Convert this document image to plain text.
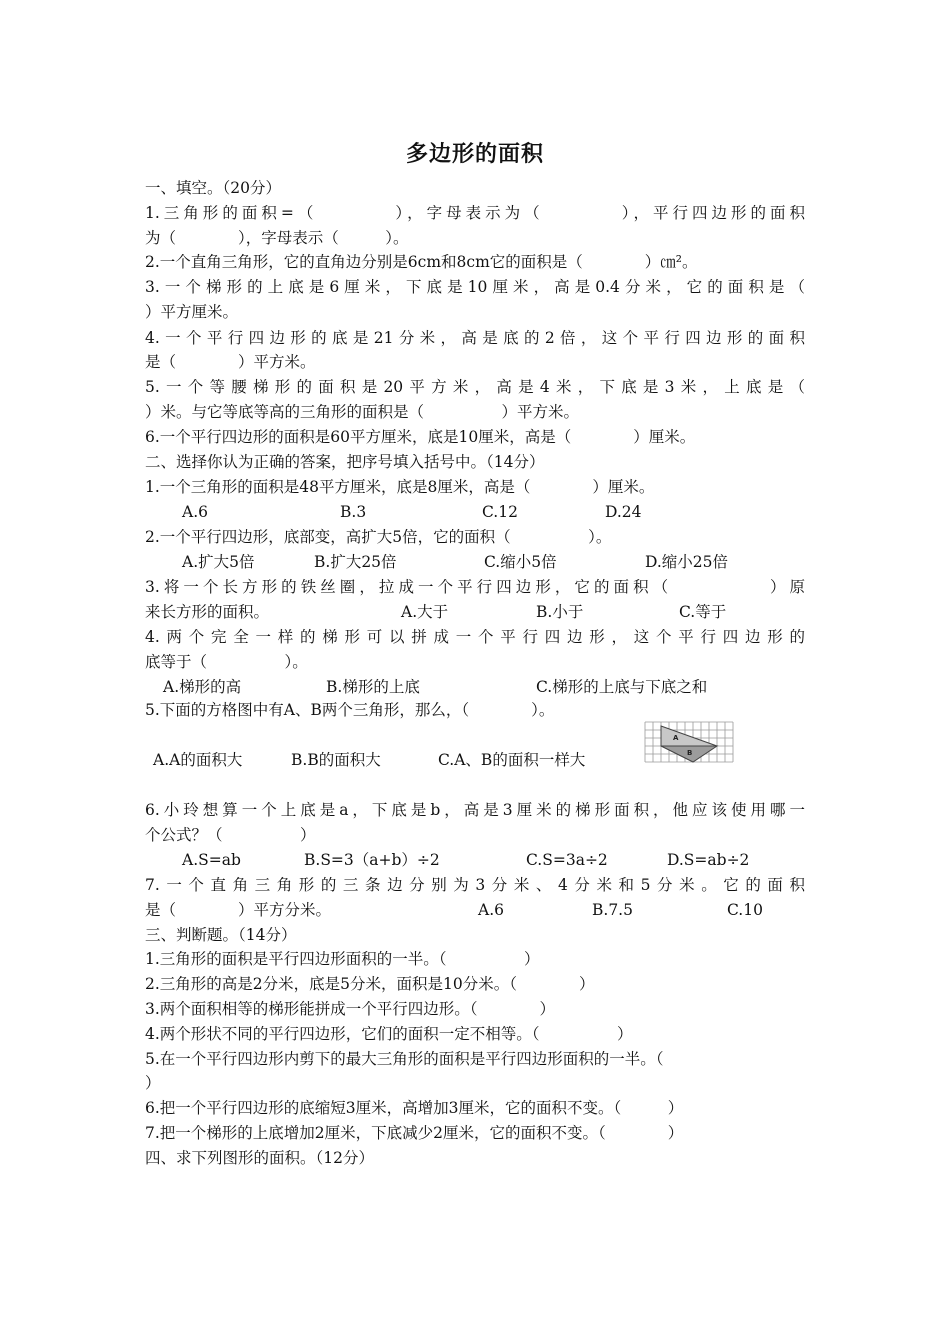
多边形的面积
一、填空。（20分）
1.三角形的面积=（　　　　），字母表示为（　　　　），平行四边形的面积
为（　　　　），字母表示（　　　）。
2.一个直角三角形，它的直角边分别是6cm和8cm它的面积是（　　　　）㎝²。
3.一个梯形的上底是6厘米，下底是10厘米，高是0.4分米，它的面积是（
）平方厘米。
4.一个平行四边形的底是21分米，高是底的2倍，这个平行四边形的面积
是（　　　　）平方米。
5.一个等腰梯形的面积是20平方米，高是4米，下底是3米，上底是（
）米。与它等底等高的三角形的面积是（　　　　　）平方米。
6.一个平行四边形的面积是60平方厘米，底是10厘米，高是（　　　　）厘米。
二、选择你认为正确的答案，把序号填入括号中。（14分）
1.一个三角形的面积是48平方厘米，底是8厘米，高是（　　　　）厘米。
A.6	B.3	C.12	D.24
2.一个平行四边形，底部变，高扩大5倍，它的面积（　　　　　）。
A.扩大5倍	B.扩大25倍	C.缩小5倍	D.缩小25倍
3.将一个长方形的铁丝圈，拉成一个平行四边形，它的面积（　　　　　）原
来长方形的面积。	A.大于	B.小于	C.等于
4.两个完全一样的梯形可以拼成一个平行四边形，这个平行四边形的
底等于（　　　　　）。
A.梯形的高	B.梯形的上底	C.梯形的上底与下底之和
5.下面的方格图中有A、B两个三角形，那么，（　　　　）。
A.A的面积大	B.B的面积大	C.A、B的面积一样大
A
B
6.小玲想算一个上底是a，下底是b，高是3厘米的梯形面积，他应该使用哪一
个公式？（　　　　　）
A.S=ab	B.S=3（a+b）÷2	C.S=3a÷2	D.S=ab÷2
7.一个直角三角形的三条边分别为3分米、4分米和5分米。它的面积
是（　　　　）平方分米。	A.6	B.7.5	C.10
三、判断题。（14分）
1.三角形的面积是平行四边形面积的一半。（　　　　　）
2.三角形的高是2分米，底是5分米，面积是10分米。（　　　　）
3.两个面积相等的梯形能拼成一个平行四边形。（　　　　）
4.两个形状不同的平行四边形，它们的面积一定不相等。（　　　　　）
5.在一个平行四边形内剪下的最大三角形的面积是平行四边形面积的一半。（
）
6.把一个平行四边形的底缩短3厘米，高增加3厘米，它的面积不变。（　　　）
7.把一个梯形的上底增加2厘米，下底减少2厘米，它的面积不变。（　　　　）
四、求下列图形的面积。（12分）
